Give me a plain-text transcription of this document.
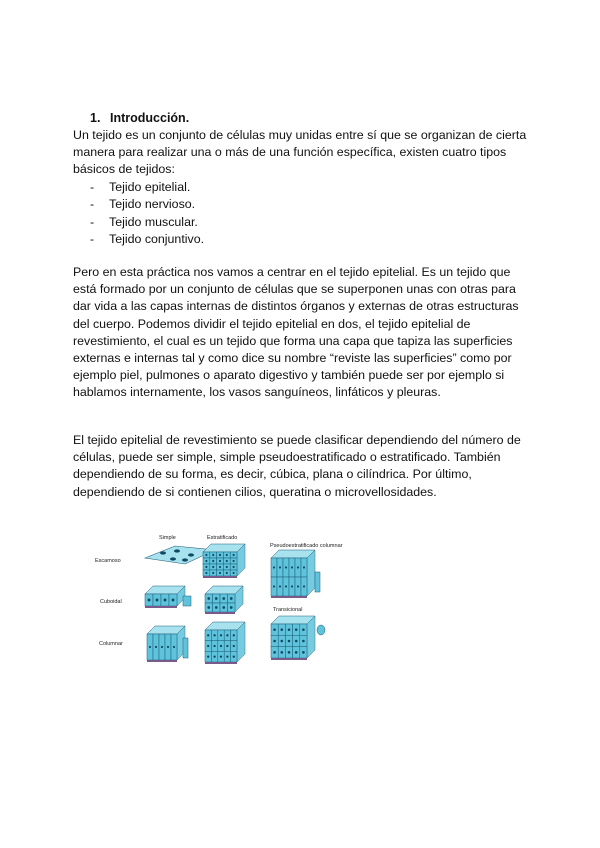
1. Introducción.

Un tejido es un conjunto de células muy unidas entre sí que se organizan de cierta manera para realizar una o más de una función específica, existen cuatro tipos básicos de tejidos:

-	Tejido epitelial.
-	Tejido nervioso.
-	Tejido muscular.
-	Tejido conjuntivo.

Pero en esta práctica nos vamos a centrar en el tejido epitelial. Es un tejido que está formado por un conjunto de células que se superponen unas con otras para dar vida a las capas internas de distintos órganos y externas de otras estructuras del cuerpo. Podemos dividir el tejido epitelial en dos, el tejido epitelial de revestimiento, el cual es un tejido que forma una capa que tapiza las superficies externas e internas tal y como dice su nombre “reviste las superficies” como por ejemplo piel, pulmones o aparato digestivo y también puede ser por ejemplo si hablamos internamente, los vasos sanguíneos, linfáticos y pleuras.

El tejido epitelial de revestimiento se puede clasificar dependiendo del número de células, puede ser simple, simple pseudoestratificado o estratificado. También dependiendo de su forma, es decir, cúbica, plana o cilíndrica. Por último, dependiendo de si contienen cilios, queratina o microvellosidades.

Simple	Estratificado
Pseudoestratificado columnar
Transicional
Escamoso
Cuboidal
Columnar
